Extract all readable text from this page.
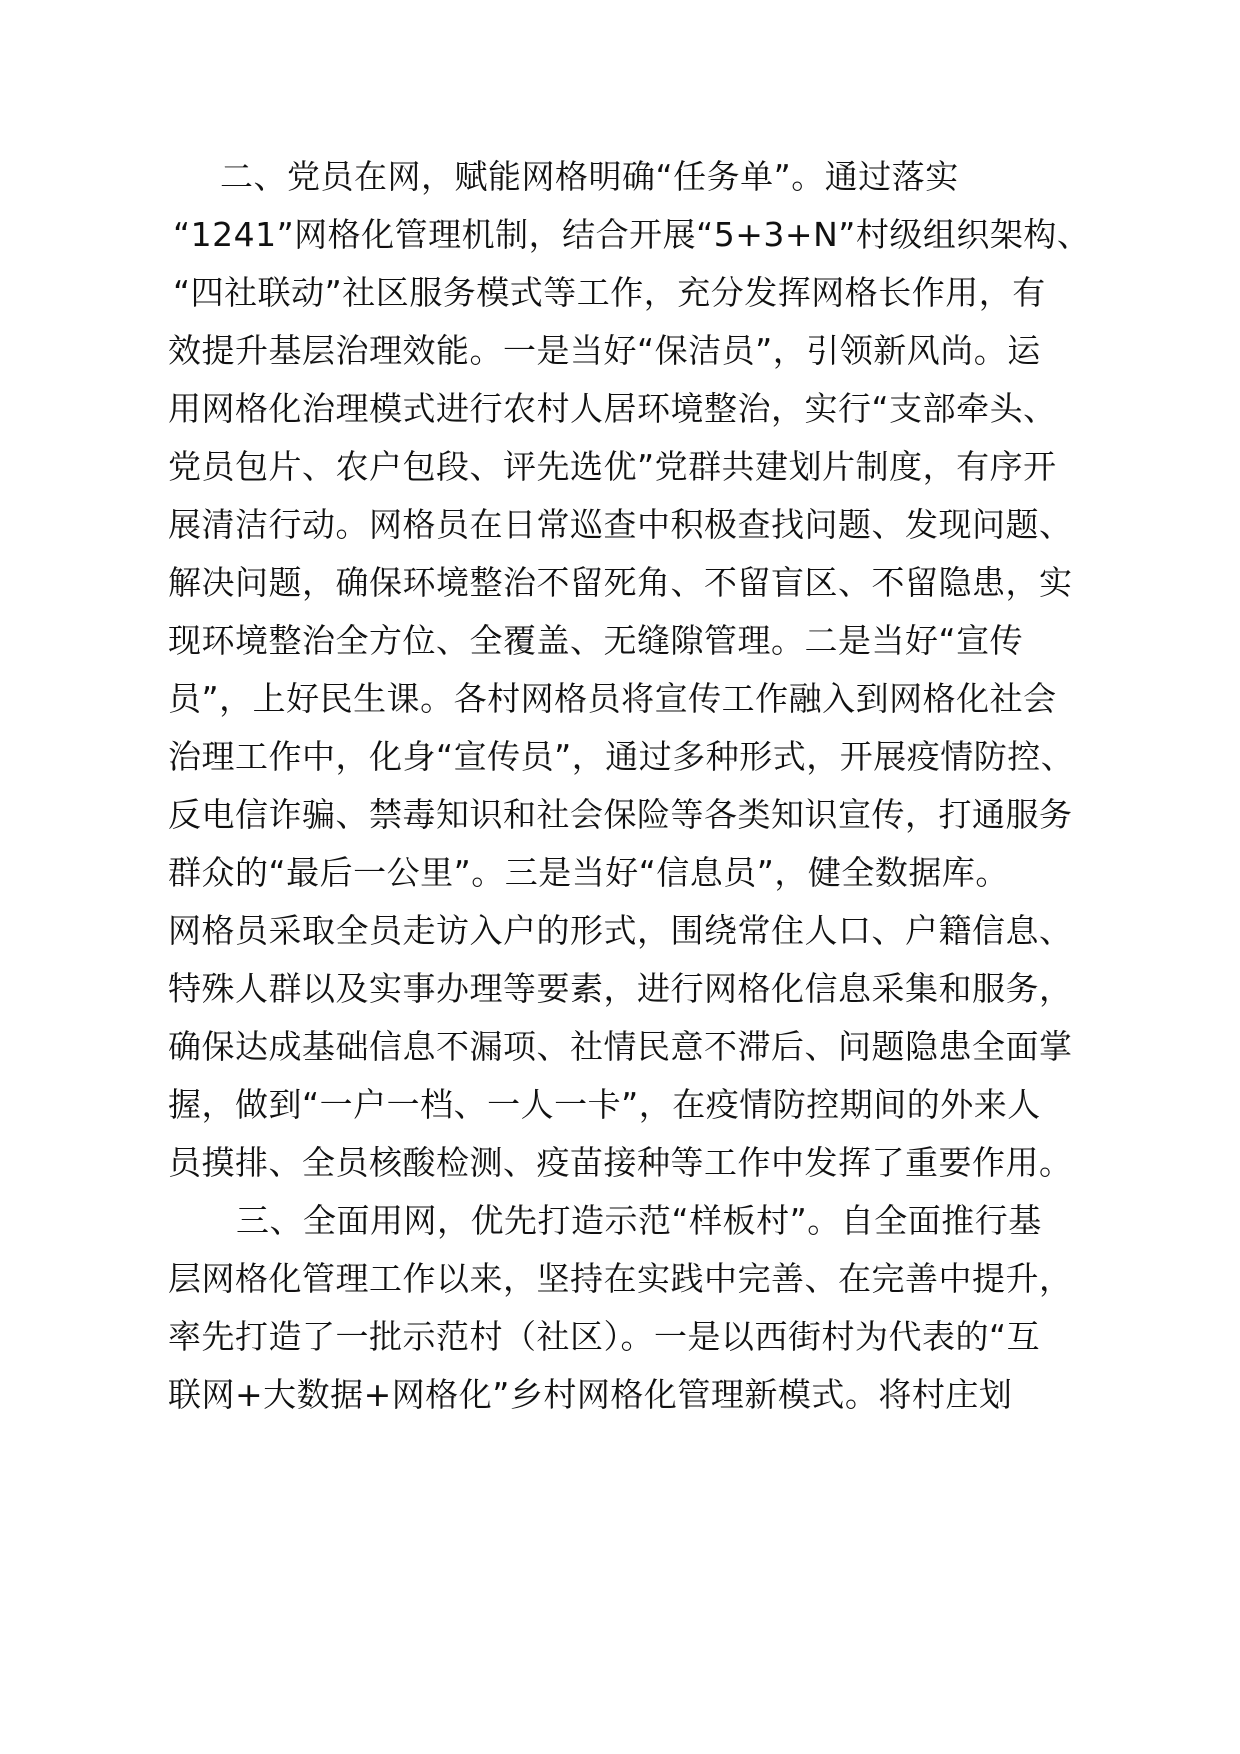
二、党员在网，赋能网格明确“任务单”。通过落实
“1241”网格化管理机制，结合开展“5+3+N”村级组织架构、
“四社联动”社区服务模式等工作，充分发挥网格长作用，有
效提升基层治理效能。一是当好“保洁员”，引领新风尚。运
用网格化治理模式进行农村人居环境整治，实行“支部牵头、
党员包片、农户包段、评先选优”党群共建划片制度，有序开
展清洁行动。网格员在日常巡查中积极查找问题、发现问题、
解决问题，确保环境整治不留死角、不留盲区、不留隐患，实
现环境整治全方位、全覆盖、无缝隙管理。二是当好“宣传
员”，上好民生课。各村网格员将宣传工作融入到网格化社会
治理工作中，化身“宣传员”，通过多种形式，开展疫情防控、
反电信诈骗、禁毒知识和社会保险等各类知识宣传，打通服务
群众的“最后一公里”。三是当好“信息员”，健全数据库。
网格员采取全员走访入户的形式，围绕常住人口、户籍信息、
特殊人群以及实事办理等要素，进行网格化信息采集和服务，
确保达成基础信息不漏项、社情民意不滞后、问题隐患全面掌
握，做到“一户一档、一人一卡”，在疫情防控期间的外来人
员摸排、全员核酸检测、疫苗接种等工作中发挥了重要作用。
三、全面用网，优先打造示范“样板村”。自全面推行基
层网格化管理工作以来，坚持在实践中完善、在完善中提升，
率先打造了一批示范村（社区）。一是以西街村为代表的“互
联网+大数据+网格化”乡村网格化管理新模式。将村庄划
